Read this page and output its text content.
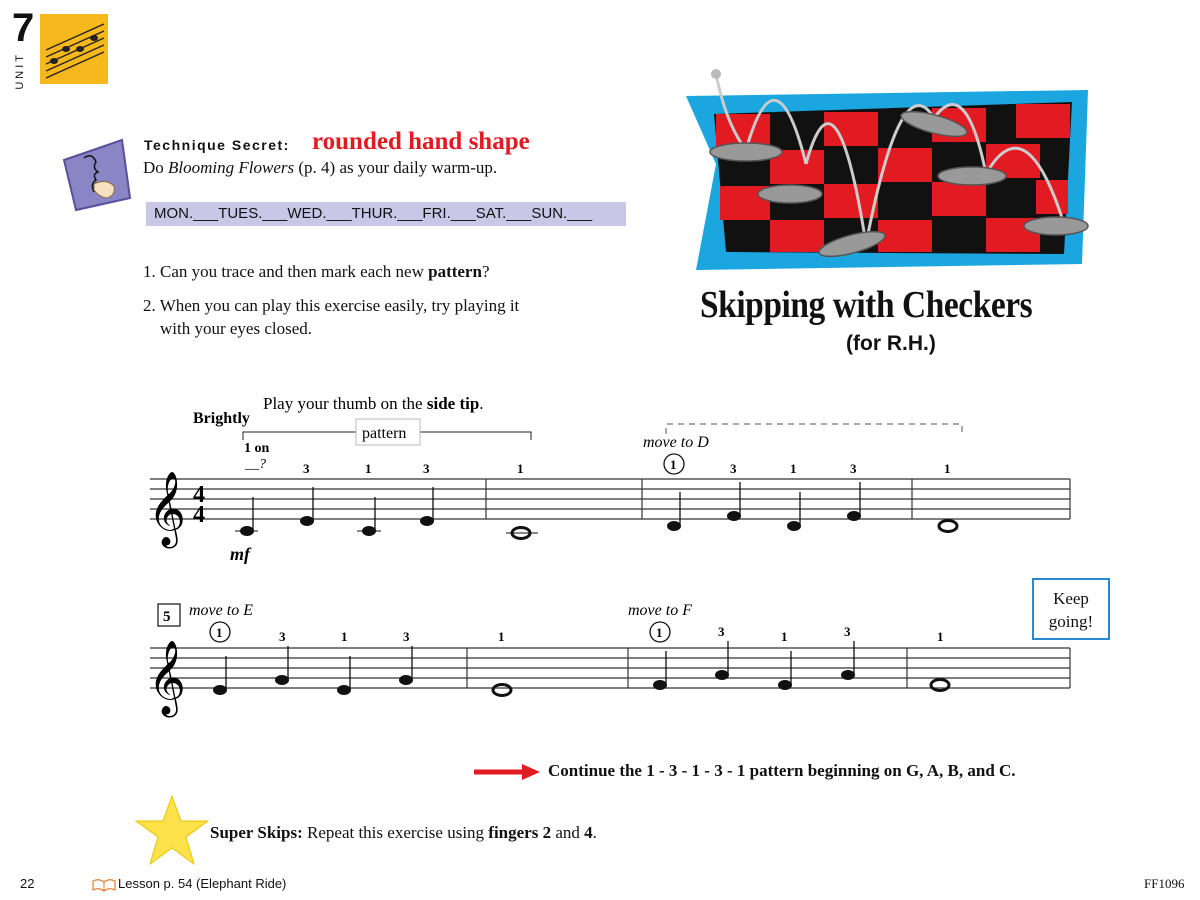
7
UNIT
Technique Secret: rounded hand shape
Do Blooming Flowers (p. 4) as your daily warm-up.
MON.___TUES.___WED.___THUR.___FRI.___SAT.___SUN.___
1. Can you trace and then mark each new pattern?
2. When you can play this exercise easily, try playing it
with your eyes closed.
Skipping with Checkers
(for R.H.)
Brightly
Play your thumb on the side tip.
pattern
1 on
__?
move to D
𝄞 4
4
3	1	3	1	1	3	1	3	1
mf
5 move to E	move to F
𝄞
1	3	1	3	1	1	3	1	3	1
Keep
going!
Continue the 1 - 3 - 1 - 3 - 1 pattern beginning on G, A, B, and C.
Super Skips: Repeat this exercise using fingers 2 and 4.
22	Lesson p. 54 (Elephant Ride)	FF1096
